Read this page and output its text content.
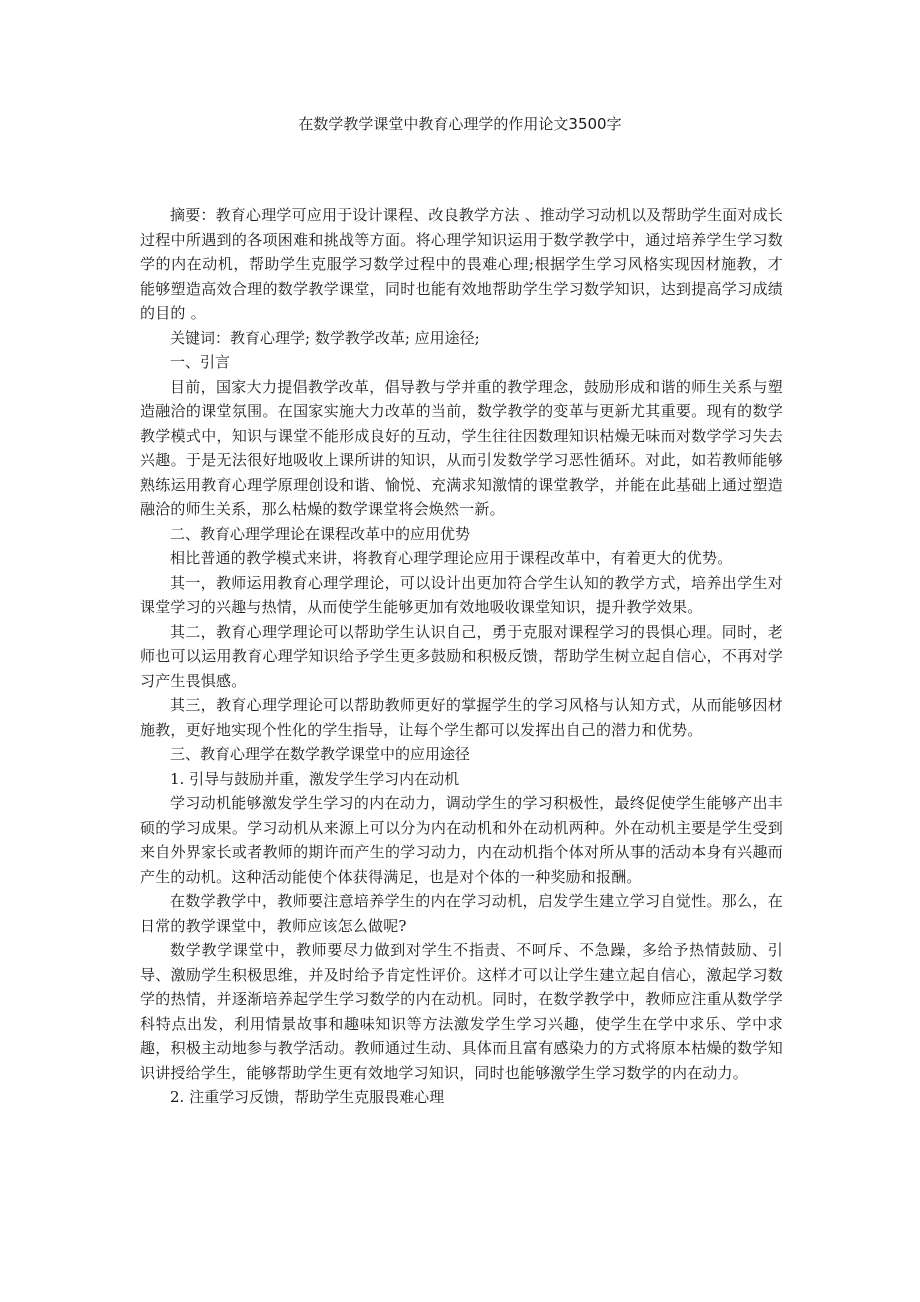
在数学教学课堂中教育心理学的作用论文3500字

摘要：教育心理学可应用于设计课程、改良教学方法 、推动学习动机以及帮助学生面对成长过程中所遇到的各项困难和挑战等方面。将心理学知识运用于数学教学中，通过培养学生学习数学的内在动机，帮助学生克服学习数学过程中的畏难心理;根据学生学习风格实现因材施教，才能够塑造高效合理的数学教学课堂，同时也能有效地帮助学生学习数学知识，达到提高学习成绩的目的 。

关键词：教育心理学; 数学教学改革; 应用途径;

一、引言

目前，国家大力提倡教学改革，倡导教与学并重的教学理念，鼓励形成和谐的师生关系与塑造融洽的课堂氛围。在国家实施大力改革的当前，数学教学的变革与更新尤其重要。现有的数学教学模式中，知识与课堂不能形成良好的互动，学生往往因数理知识枯燥无味而对数学学习失去兴趣。于是无法很好地吸收上课所讲的知识，从而引发数学学习恶性循环。对此，如若教师能够熟练运用教育心理学原理创设和谐、愉悦、充满求知激情的课堂教学，并能在此基础上通过塑造融洽的师生关系，那么枯燥的数学课堂将会焕然一新。

二、教育心理学理论在课程改革中的应用优势

相比普通的教学模式来讲，将教育心理学理论应用于课程改革中，有着更大的优势。

其一，教师运用教育心理学理论，可以设计出更加符合学生认知的教学方式，培养出学生对课堂学习的兴趣与热情，从而使学生能够更加有效地吸收课堂知识，提升教学效果。

其二，教育心理学理论可以帮助学生认识自己，勇于克服对课程学习的畏惧心理。同时，老师也可以运用教育心理学知识给予学生更多鼓励和积极反馈，帮助学生树立起自信心，不再对学习产生畏惧感。

其三，教育心理学理论可以帮助教师更好的掌握学生的学习风格与认知方式，从而能够因材施教，更好地实现个性化的学生指导，让每个学生都可以发挥出自己的潜力和优势。

三、教育心理学在数学教学课堂中的应用途径

1. 引导与鼓励并重，激发学生学习内在动机

学习动机能够激发学生学习的内在动力，调动学生的学习积极性，最终促使学生能够产出丰硕的学习成果。学习动机从来源上可以分为内在动机和外在动机两种。外在动机主要是学生受到来自外界家长或者教师的期许而产生的学习动力，内在动机指个体对所从事的活动本身有兴趣而产生的动机。这种活动能使个体获得满足，也是对个体的一种奖励和报酬。

在数学教学中，教师要注意培养学生的内在学习动机，启发学生建立学习自觉性。那么，在日常的教学课堂中，教师应该怎么做呢?

数学教学课堂中，教师要尽力做到对学生不指责、不呵斥、不急躁，多给予热情鼓励、引导、激励学生积极思维，并及时给予肯定性评价。这样才可以让学生建立起自信心，激起学习数学的热情，并逐渐培养起学生学习数学的内在动机。同时，在数学教学中，教师应注重从数学学科特点出发，利用情景故事和趣味知识等方法激发学生学习兴趣，使学生在学中求乐、学中求趣，积极主动地参与教学活动。教师通过生动、具体而且富有感染力的方式将原本枯燥的数学知识讲授给学生，能够帮助学生更有效地学习知识，同时也能够激学生学习数学的内在动力。

2. 注重学习反馈，帮助学生克服畏难心理
